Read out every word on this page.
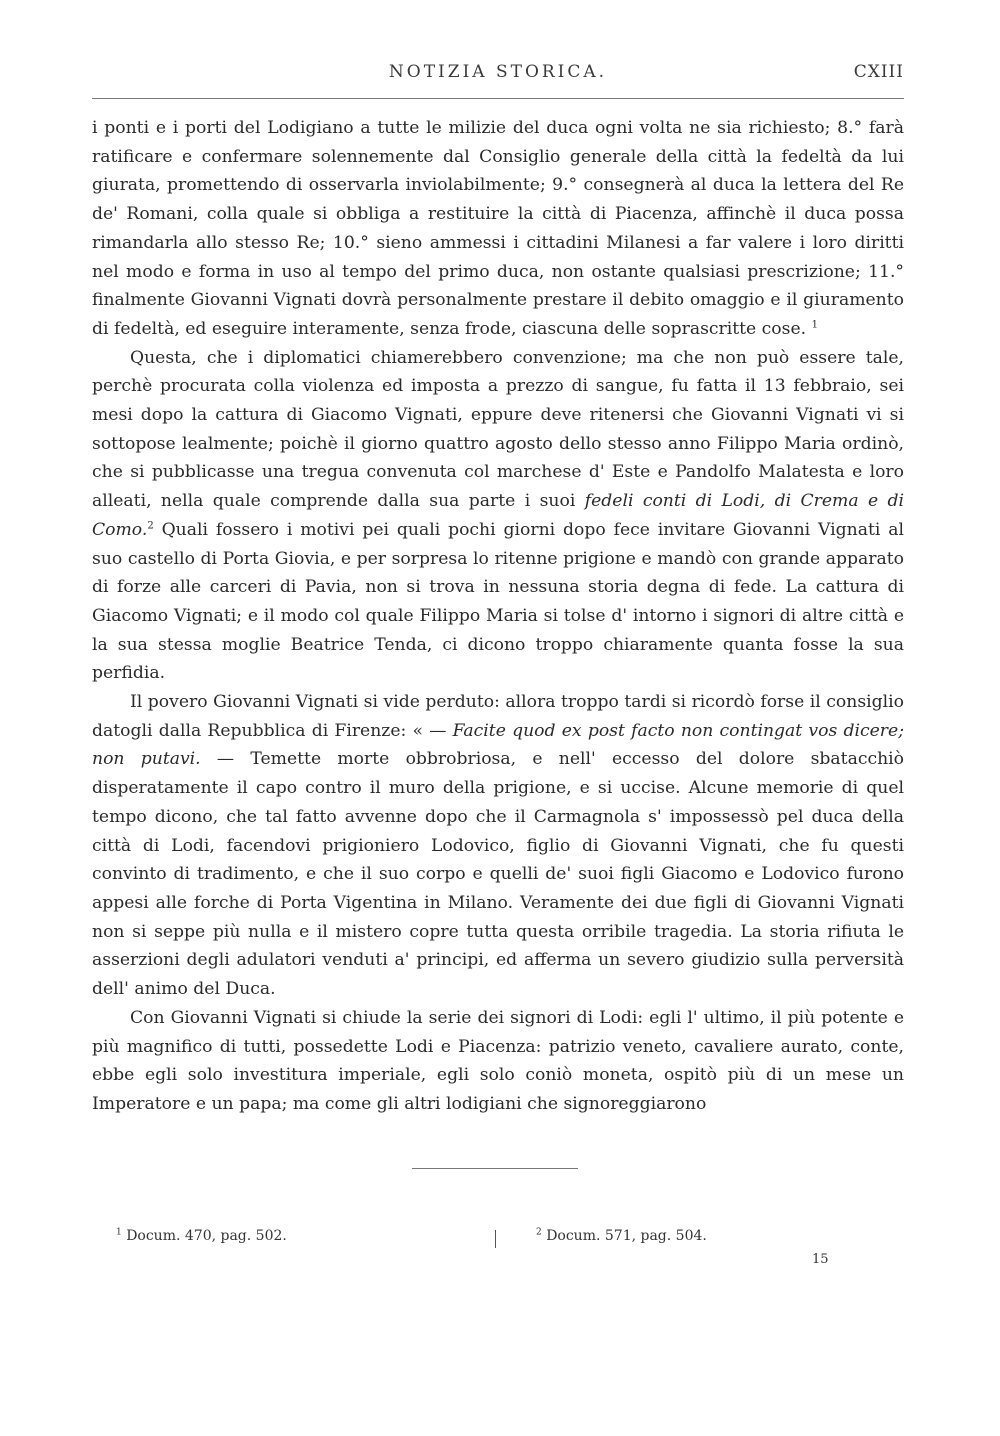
NOTIZIA STORICA.	CXIII

i ponti e i porti del Lodigiano a tutte le milizie del duca ogni volta ne sia richiesto; 8.° farà ratificare e confermare solennemente dal Consiglio generale della città la fedeltà da lui giurata, promettendo di osservarla inviolabilmente; 9.° consegnerà al duca la lettera del Re de' Romani, colla quale si obbliga a restituire la città di Piacenza, affinchè il duca possa rimandarla allo stesso Re; 10.° sieno ammessi i cittadini Milanesi a far valere i loro diritti nel modo e forma in uso al tempo del primo duca, non ostante qualsiasi prescrizione; 11.° finalmente Giovanni Vignati dovrà personalmente prestare il debito omaggio e il giuramento di fedeltà, ed eseguire interamente, senza frode, ciascuna delle soprascritte cose. $^1$

Questa, che i diplomatici chiamerebbero convenzione; ma che non può essere tale, perchè procurata colla violenza ed imposta a prezzo di sangue, fu fatta il 13 febbraio, sei mesi dopo la cattura di Giacomo Vignati, eppure deve ritenersi che Giovanni Vignati vi si sottopose lealmente; poichè il giorno quattro agosto dello stesso anno Filippo Maria ordinò, che si pubblicasse una tregua convenuta col marchese d' Este e Pandolfo Malatesta e loro alleati, nella quale comprende dalla sua parte i suoi fedeli conti di Lodi, di Crema e di Como.$^2$ Quali fossero i motivi pei quali pochi giorni dopo fece invitare Giovanni Vignati al suo castello di Porta Giovia, e per sorpresa lo ritenne prigione e mandò con grande apparato di forze alle carceri di Pavia, non si trova in nessuna storia degna di fede. La cattura di Giacomo Vignati; e il modo col quale Filippo Maria si tolse d' intorno i signori di altre città e la sua stessa moglie Beatrice Tenda, ci dicono troppo chiaramente quanta fosse la sua perfidia.

Il povero Giovanni Vignati si vide perduto: allora troppo tardi si ricordò forse il consiglio datogli dalla Repubblica di Firenze: « — Facite quod ex post facto non contingat vos dicere; non putavi. — Temette morte obbrobriosa, e nell' eccesso del dolore sbatacchiò disperatamente il capo contro il muro della prigione, e si uccise. Alcune memorie di quel tempo dicono, che tal fatto avvenne dopo che il Carmagnola s' impossessò pel duca della città di Lodi, facendovi prigioniero Lodovico, figlio di Giovanni Vignati, che fu questi convinto di tradimento, e che il suo corpo e quelli de' suoi figli Giacomo e Lodovico furono appesi alle forche di Porta Vigentina in Milano. Veramente dei due figli di Giovanni Vignati non si seppe più nulla e il mistero copre tutta questa orribile tragedia. La storia rifiuta le asserzioni degli adulatori venduti a' principi, ed afferma un severo giudizio sulla perversità dell' animo del Duca.

Con Giovanni Vignati si chiude la serie dei signori di Lodi: egli l' ultimo, il più potente e più magnifico di tutti, possedette Lodi e Piacenza: patrizio veneto, cavaliere aurato, conte, ebbe egli solo investitura imperiale, egli solo coniò moneta, ospitò più di un mese un Imperatore e un papa; ma come gli altri lodigiani che signoreggiarono

$^1$ Docum. 470, pag. 502.	$^2$ Docum. 571, pag. 504.
15
